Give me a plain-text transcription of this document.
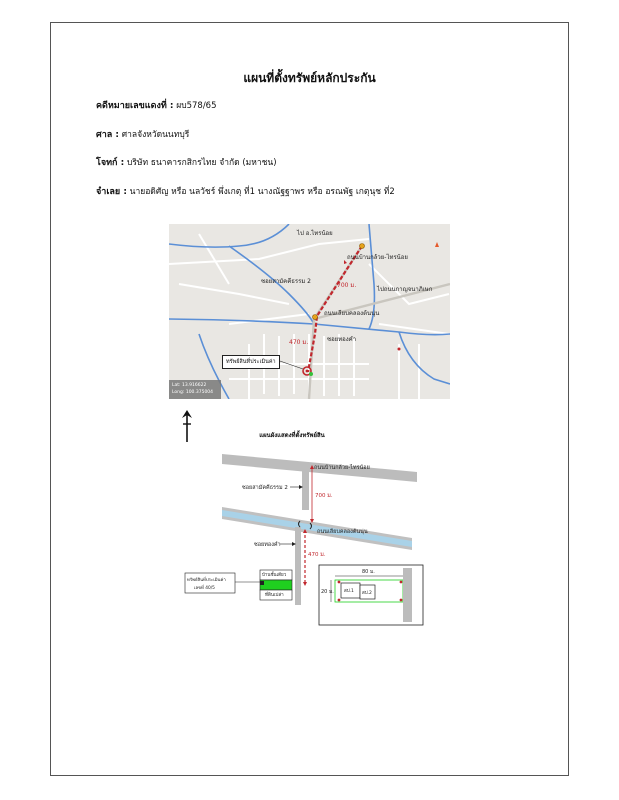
แผนที่ตั้งทรัพย์หลักประกัน
คดีหมายเลขแดงที่ : ผบ578/65
ศาล : ศาลจังหวัดนนทบุรี
โจทก์ : บริษัท ธนาคารกสิกรไทย จำกัด (มหาชน)
จำเลย : นายอดิศัญ หรือ นลวัชร์ พึ่งเกตุ ที่1 นางณัฐฐาพร หรือ อรณพัฐ เกตุนุช ที่2
ไป อ.ไทรน้อย
ถนนบ้านกล้วย-ไทรน้อย
ซอยสามัคคีธรรม 2
700 ม.
ไปถนนกาญจนาภิเษก
ถนนเลียบคลองต้นนุ่น
470 ม.	ซอยทองคำ
ทรัพย์สินที่ประเมินค่า
Lat: 13.916622
Long: 100.375004
แผนผังแสดงที่ตั้งทรัพย์สิน
ถนนบ้านกล้วย-ไทรน้อย
ซอยสามัคคีธรรม 2
700 ม.
ถนนเลียบคลองต้นนุ่น
ซอยทองคำ
470 ม.
บ้านชั้นเดียว
ที่ดินเปล่า
ทรัพย์สินที่ประเมินค่า
เลขที่ 40/5
80 ม.
20 ม. สป.1 สป.2
